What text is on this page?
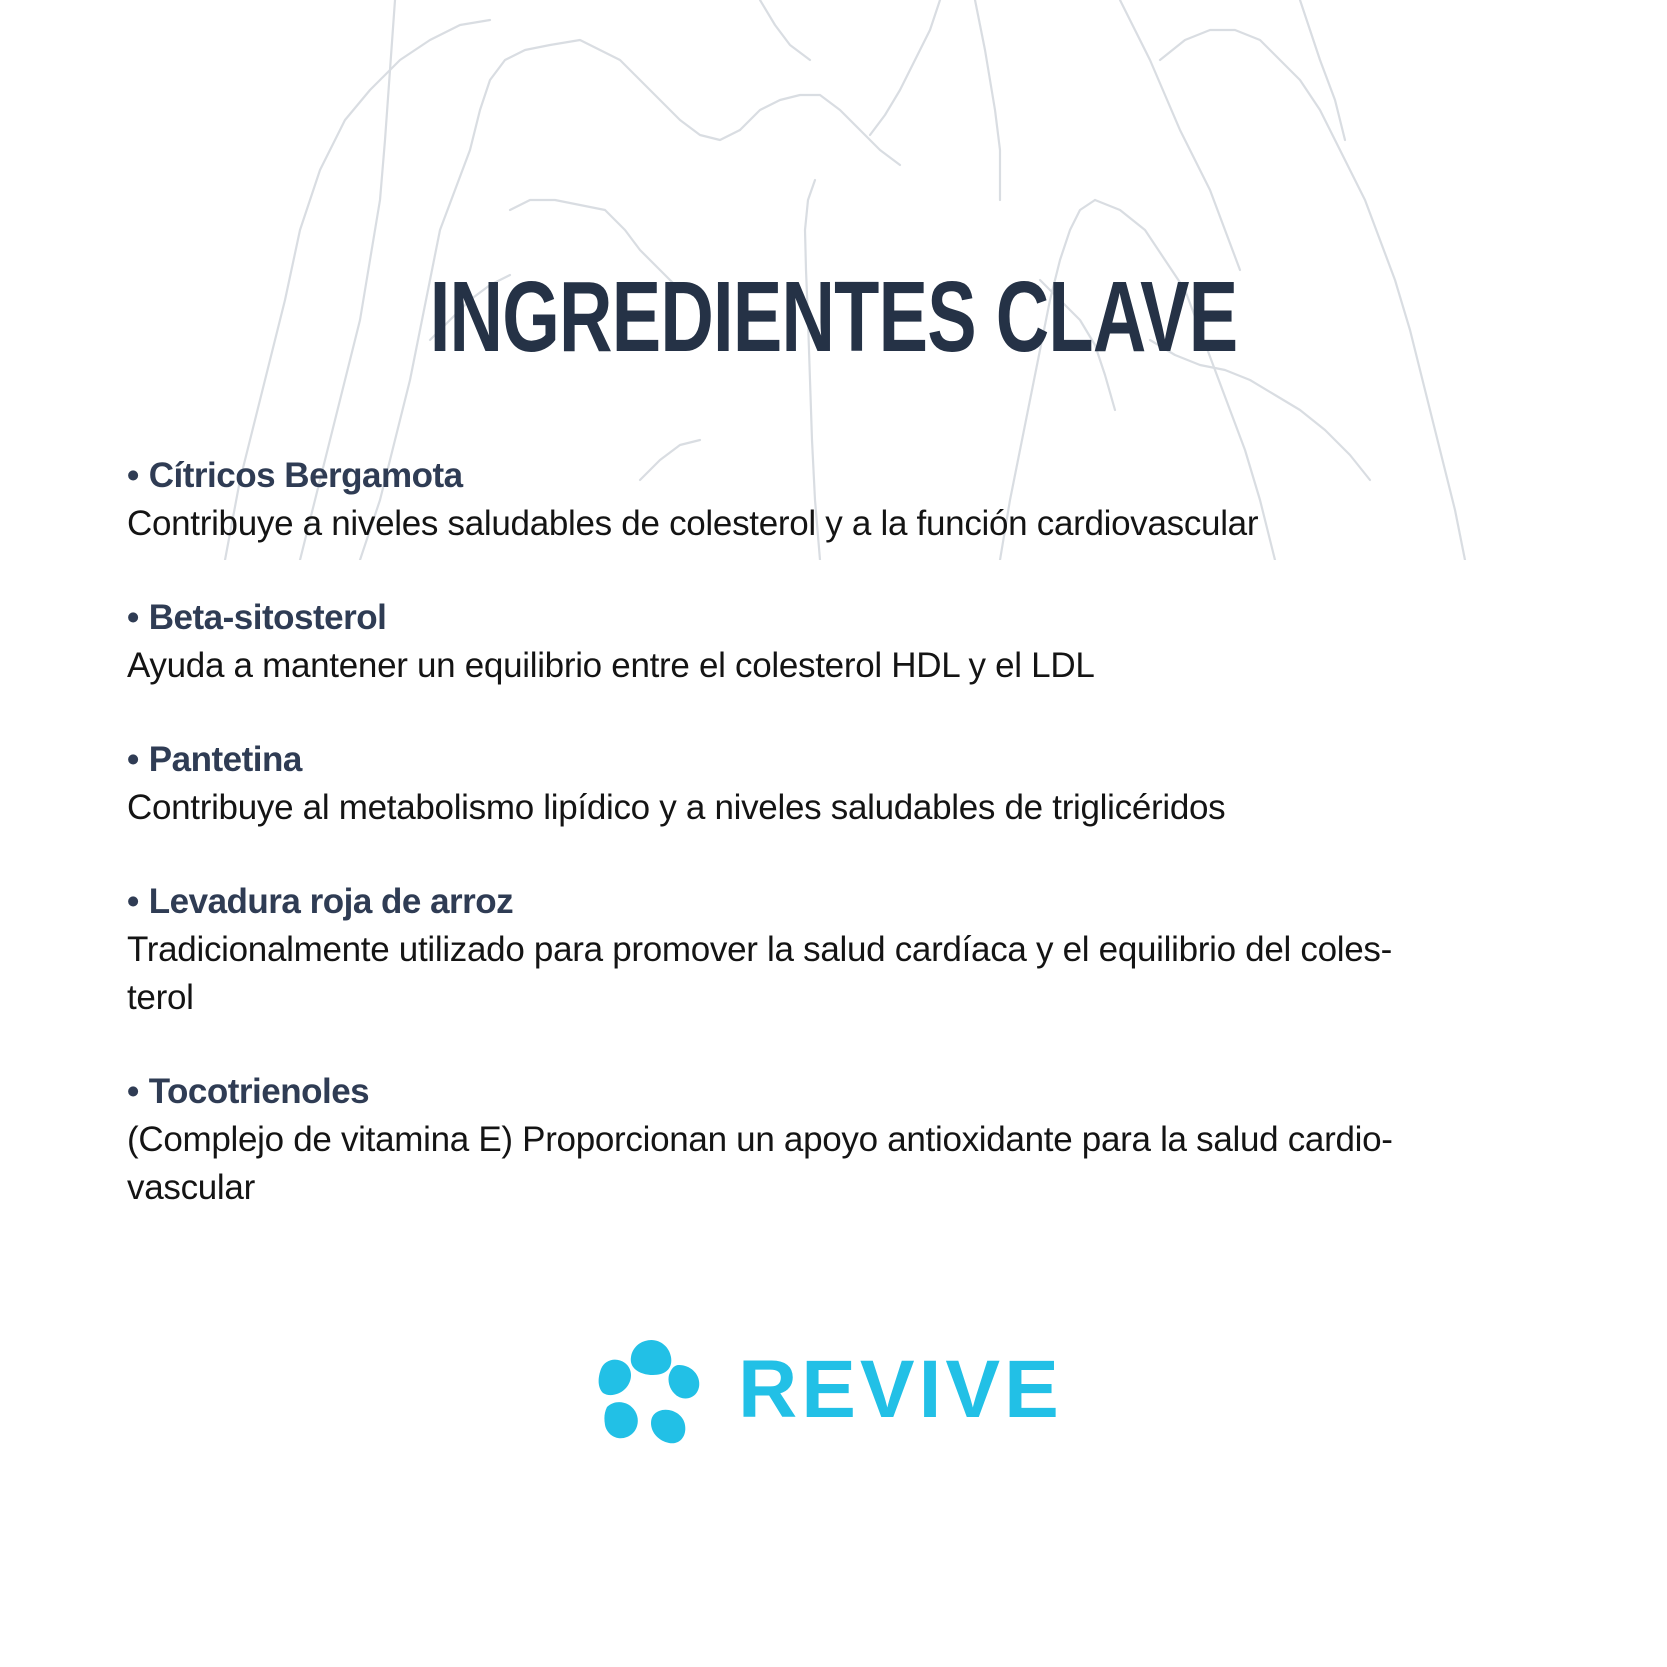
INGREDIENTES CLAVE
• Cítricos Bergamota
Contribuye a niveles saludables de colesterol y a la función cardiovascular
• Beta-sitosterol
Ayuda a mantener un equilibrio entre el colesterol HDL y el LDL
• Pantetina
Contribuye al metabolismo lipídico y a niveles saludables de triglicéridos
• Levadura roja de arroz
Tradicionalmente utilizado para promover la salud cardíaca y el equilibrio del coles-
terol
• Tocotrienoles
(Complejo de vitamina E) Proporcionan un apoyo antioxidante para la salud cardio-
vascular
REVIVE
